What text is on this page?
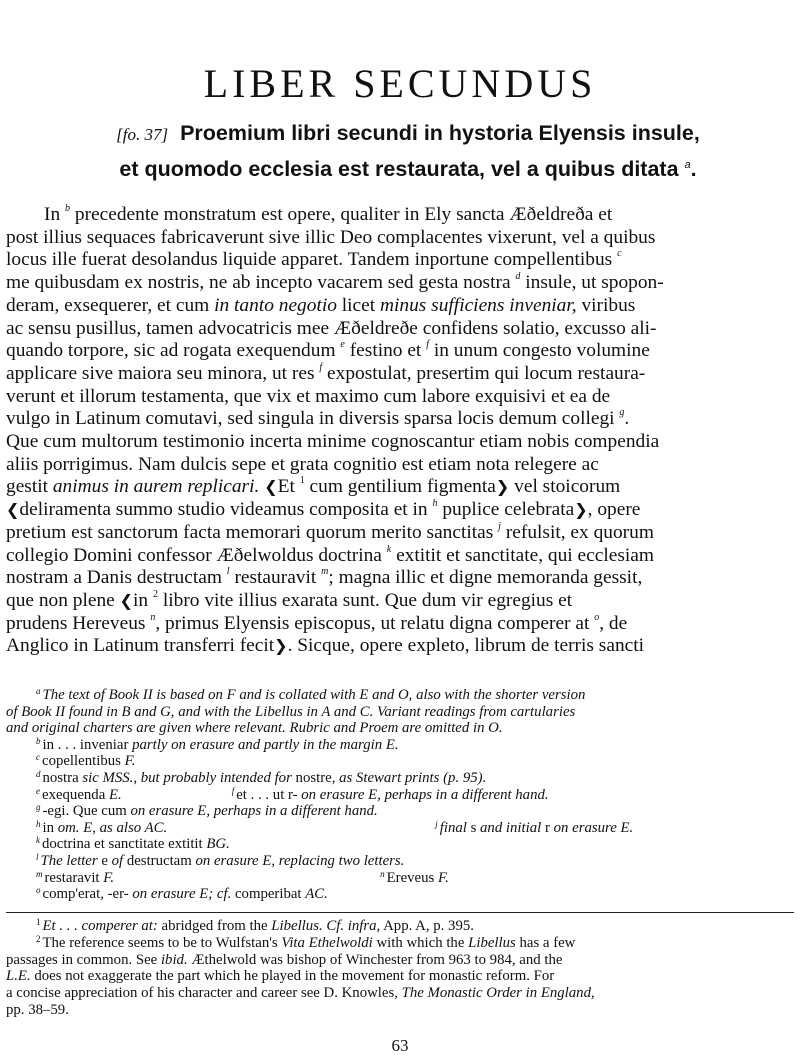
LIBER SECUNDUS
[fo. 37] Proemium libri secundi in hystoria Elyensis insule,
et quomodo ecclesia est restaurata, vel a quibus ditata $^a$.
In $^b$ precedente monstratum est opere, qualiter in Ely sancta Æðeldreða et
post illius sequaces fabricaverunt sive illic Deo complacentes vixerunt, vel a quibus
locus ille fuerat desolandus liquide apparet. Tandem inportune compellentibus $^c$
me quibusdam ex nostris, ne ab incepto vacarem sed gesta nostra $^d$ insule, ut spopon-
deram, exsequerer, et cum in tanto negotio licet minus sufficiens inveniar, viribus
ac sensu pusillus, tamen advocatricis mee Æðeldreðe confidens solatio, excusso ali-
quando torpore, sic ad rogata exequendum $^e$ festino et $^f$ in unum congesto volumine
applicare sive maiora seu minora, ut res $^f$ expostulat, presertim qui locum restaura-
verunt et illorum testamenta, que vix et maximo cum labore exquisivi et ea de
vulgo in Latinum comutavi, sed singula in diversis sparsa locis demum collegi $^g$.
Que cum multorum testimonio incerta minime cognoscantur etiam nobis compendia
aliis porrigimus. Nam dulcis sepe et grata cognitio est etiam nota relegere ac
gestit animus in aurem replicari. ❮Et $^1$ cum gentilium figmenta❯ vel stoicorum
❮deliramenta summo studio videamus composita et in $^h$ puplice celebrata❯, opere
pretium est sanctorum facta memorari quorum merito sanctitas $^j$ refulsit, ex quorum
collegio Domini confessor Æðelwoldus doctrina $^k$ extitit et sanctitate, qui ecclesiam
nostram a Danis destructam $^l$ restauravit $^m$; magna illic et digne memoranda gessit,
que non plene ❮in $^2$ libro vite illius exarata sunt. Que dum vir egregius et
prudens Hereveus $^n$, primus Elyensis episcopus, ut relatu digna comperer at $^o$, de
Anglico in Latinum transferri fecit❯. Sicque, opere expleto, librum de terris sancti
$^a$ The text of Book II is based on F and is collated with E and O, also with the shorter version
of Book II found in B and G, and with the Libellus in A and C. Variant readings from cartularies
and original charters are given where relevant. Rubric and Proem are omitted in O.
$^b$ in . . . inveniar partly on erasure and partly in the margin E.
$^c$ copellentibus F.
$^d$ nostra sic MSS., but probably intended for nostre, as Stewart prints (p. 95).
$^e$ exequenda E.	$^f$ et . . . ut r- on erasure E, perhaps in a different hand.
$^g$ -egi. Que cum on erasure E, perhaps in a different hand.
$^h$ in om. E, as also AC.	$^j$ final s and initial r on erasure E.
$^k$ doctrina et sanctitate extitit BG.
$^l$ The letter e of destructam on erasure E, replacing two letters.
$^m$ restaravit F.	$^n$ Ereveus F.
$^o$ comp'erat, -er- on erasure E; cf. comperibat AC.
$^1$ Et . . . comperer at: abridged from the Libellus. Cf. infra, App. A, p. 395.
$^2$ The reference seems to be to Wulfstan's Vita Ethelwoldi with which the Libellus has a few
passages in common. See ibid. Æthelwold was bishop of Winchester from 963 to 984, and the
L.E. does not exaggerate the part which he played in the movement for monastic reform. For
a concise appreciation of his character and career see D. Knowles, The Monastic Order in England,
pp. 38–59.
63
